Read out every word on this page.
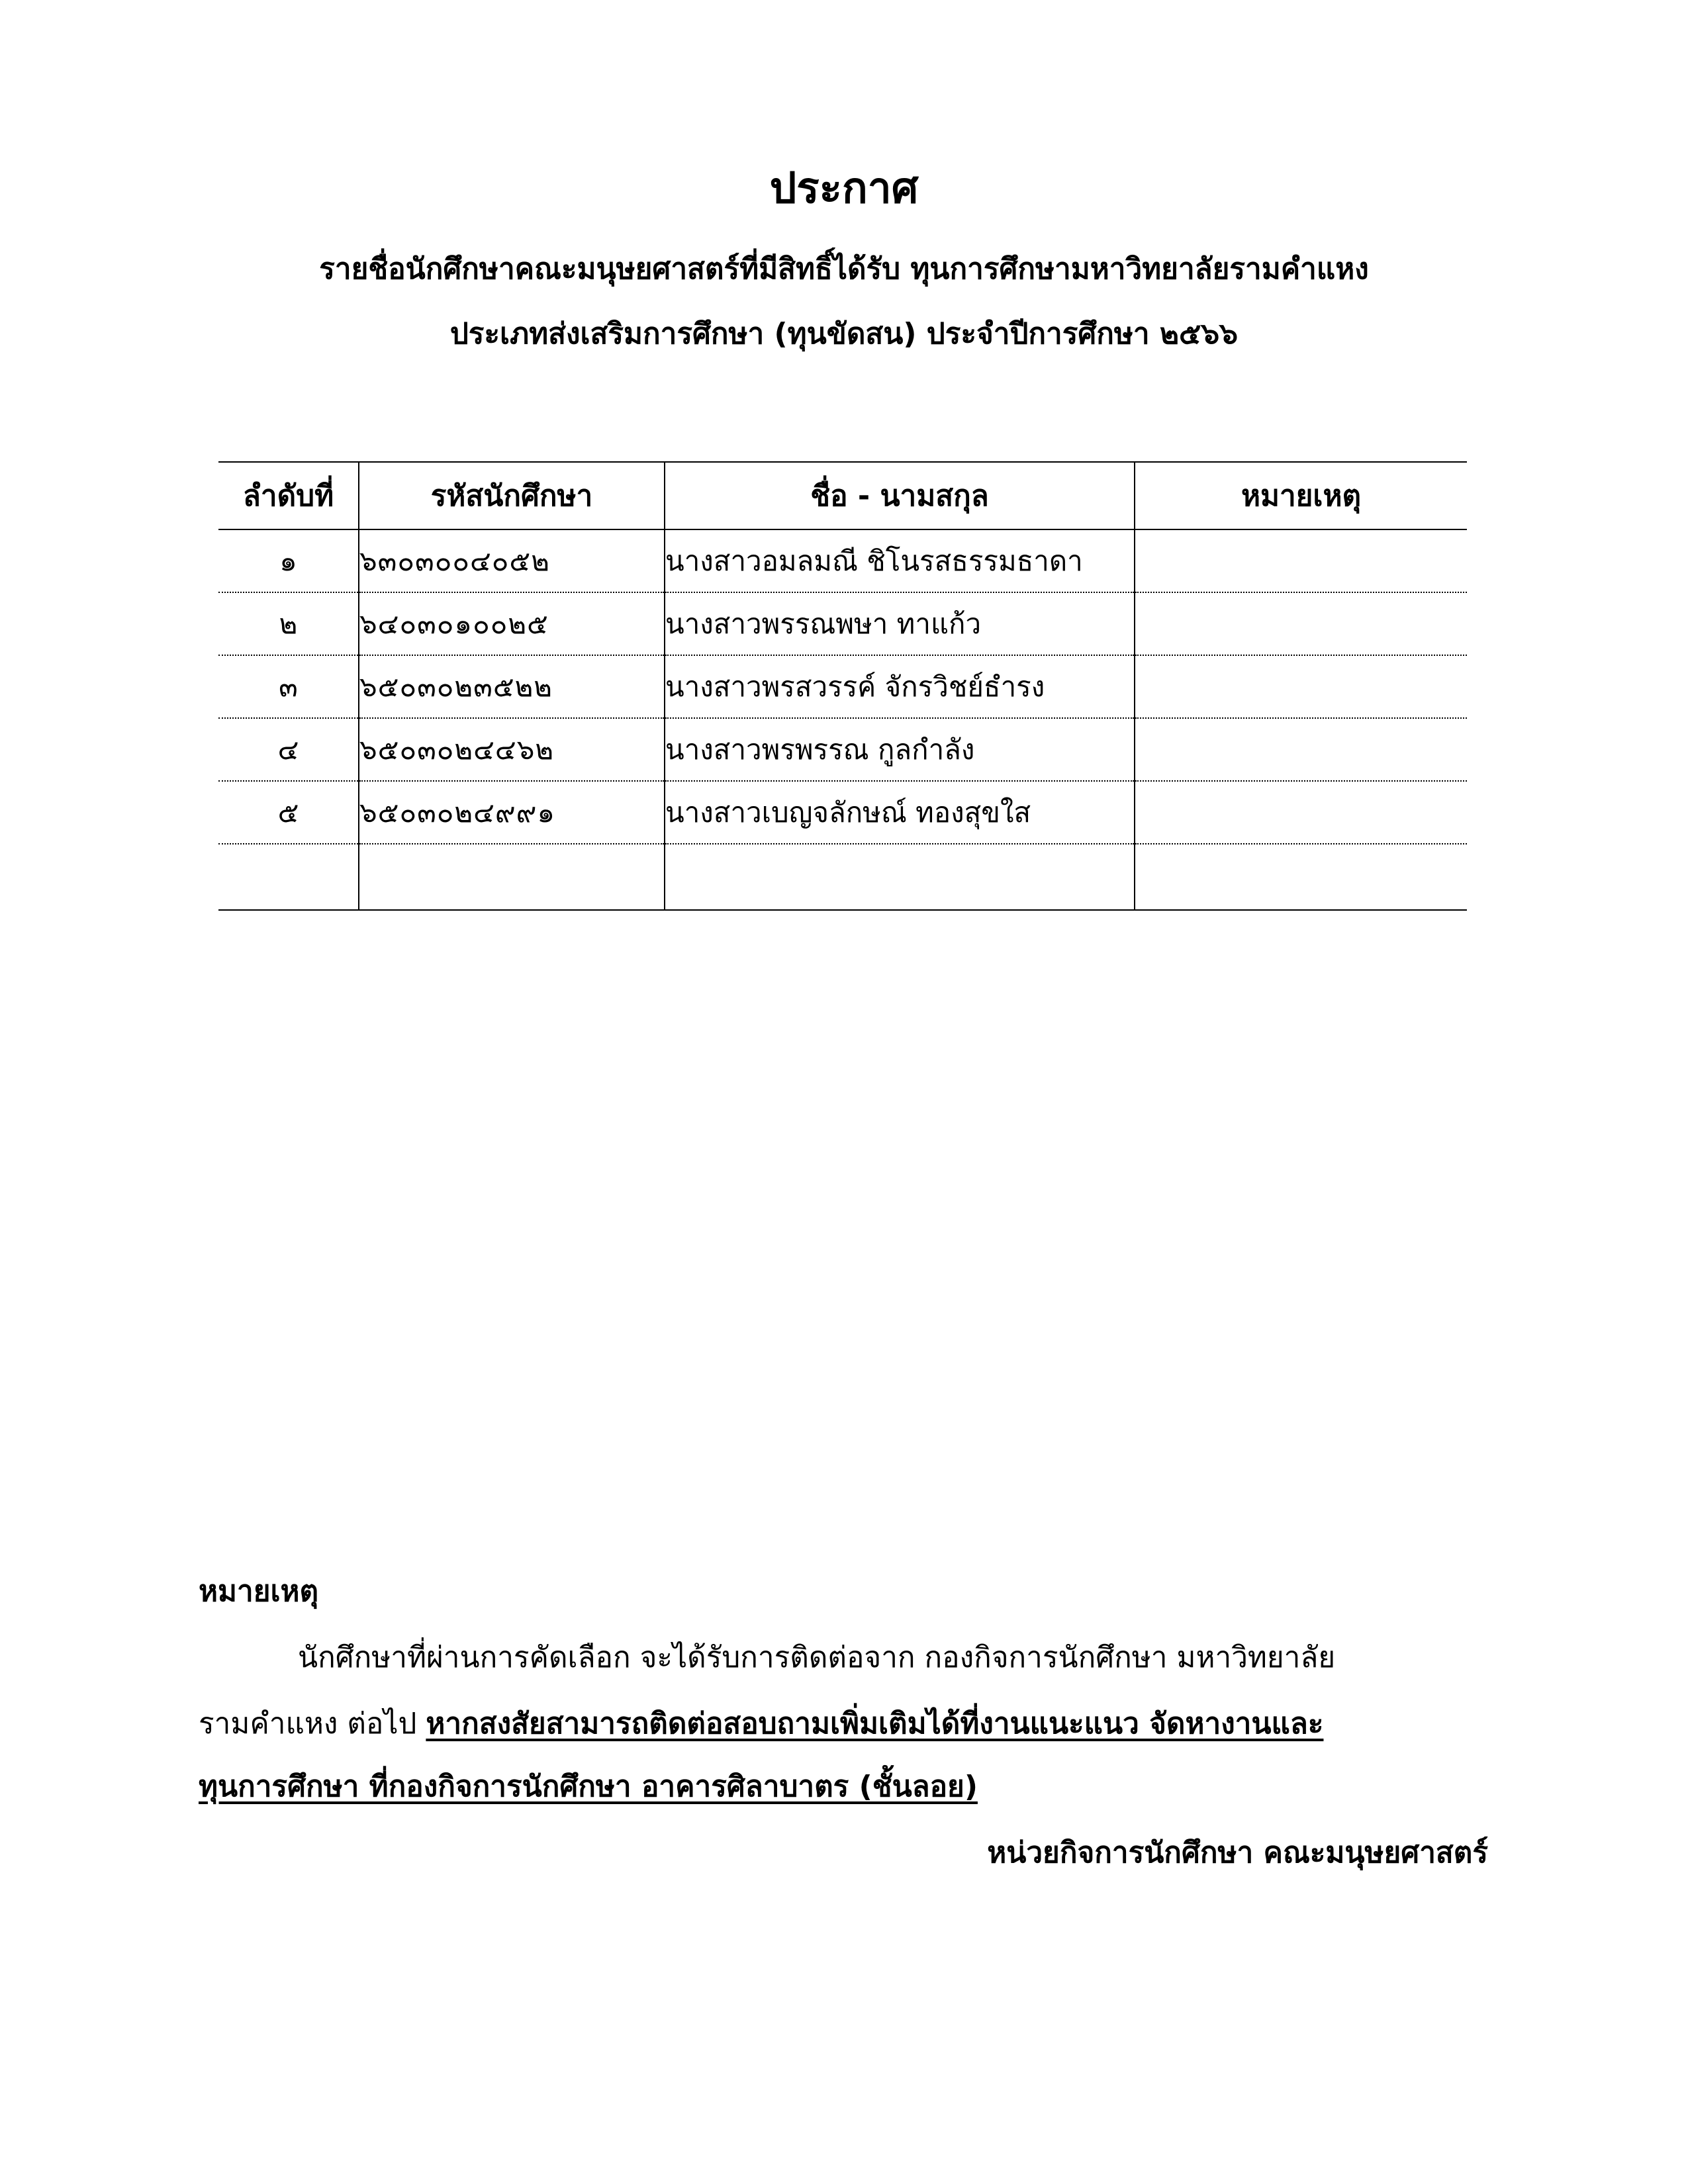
ประกาศ
รายชื่อนักศึกษาคณะมนุษยศาสตร์ที่มีสิทธิ์ได้รับ ทุนการศึกษามหาวิทยาลัยรามคำแหง
ประเภทส่งเสริมการศึกษา (ทุนขัดสน) ประจำปีการศึกษา ๒๕๖๖
ลำดับที่	รหัสนักศึกษา	ชื่อ - นามสกุล	หมายเหตุ
๑	๖๓๐๓๐๐๔๐๕๒	นางสาวอมลมณี ชิโนรสธรรมธาดา	
๒	๖๔๐๓๐๑๐๐๒๕	นางสาวพรรณพษา ทาแก้ว	
๓	๖๕๐๓๐๒๓๕๒๒	นางสาวพรสวรรค์ จักรวิชย์ธำรง	
๔	๖๕๐๓๐๒๔๔๖๒	นางสาวพรพรรณ กูลกำลัง	
๕	๖๕๐๓๐๒๔๙๙๑	นางสาวเบญจลักษณ์ ทองสุขใส	

หมายเหตุ
นักศึกษาที่ผ่านการคัดเลือก จะได้รับการติดต่อจาก กองกิจการนักศึกษา มหาวิทยาลัย
รามคำแหง ต่อไป หากสงสัยสามารถติดต่อสอบถามเพิ่มเติมได้ที่งานแนะแนว จัดหางานและ
ทุนการศึกษา ที่กองกิจการนักศึกษา อาคารศิลาบาตร (ชั้นลอย)
หน่วยกิจการนักศึกษา คณะมนุษยศาสตร์
